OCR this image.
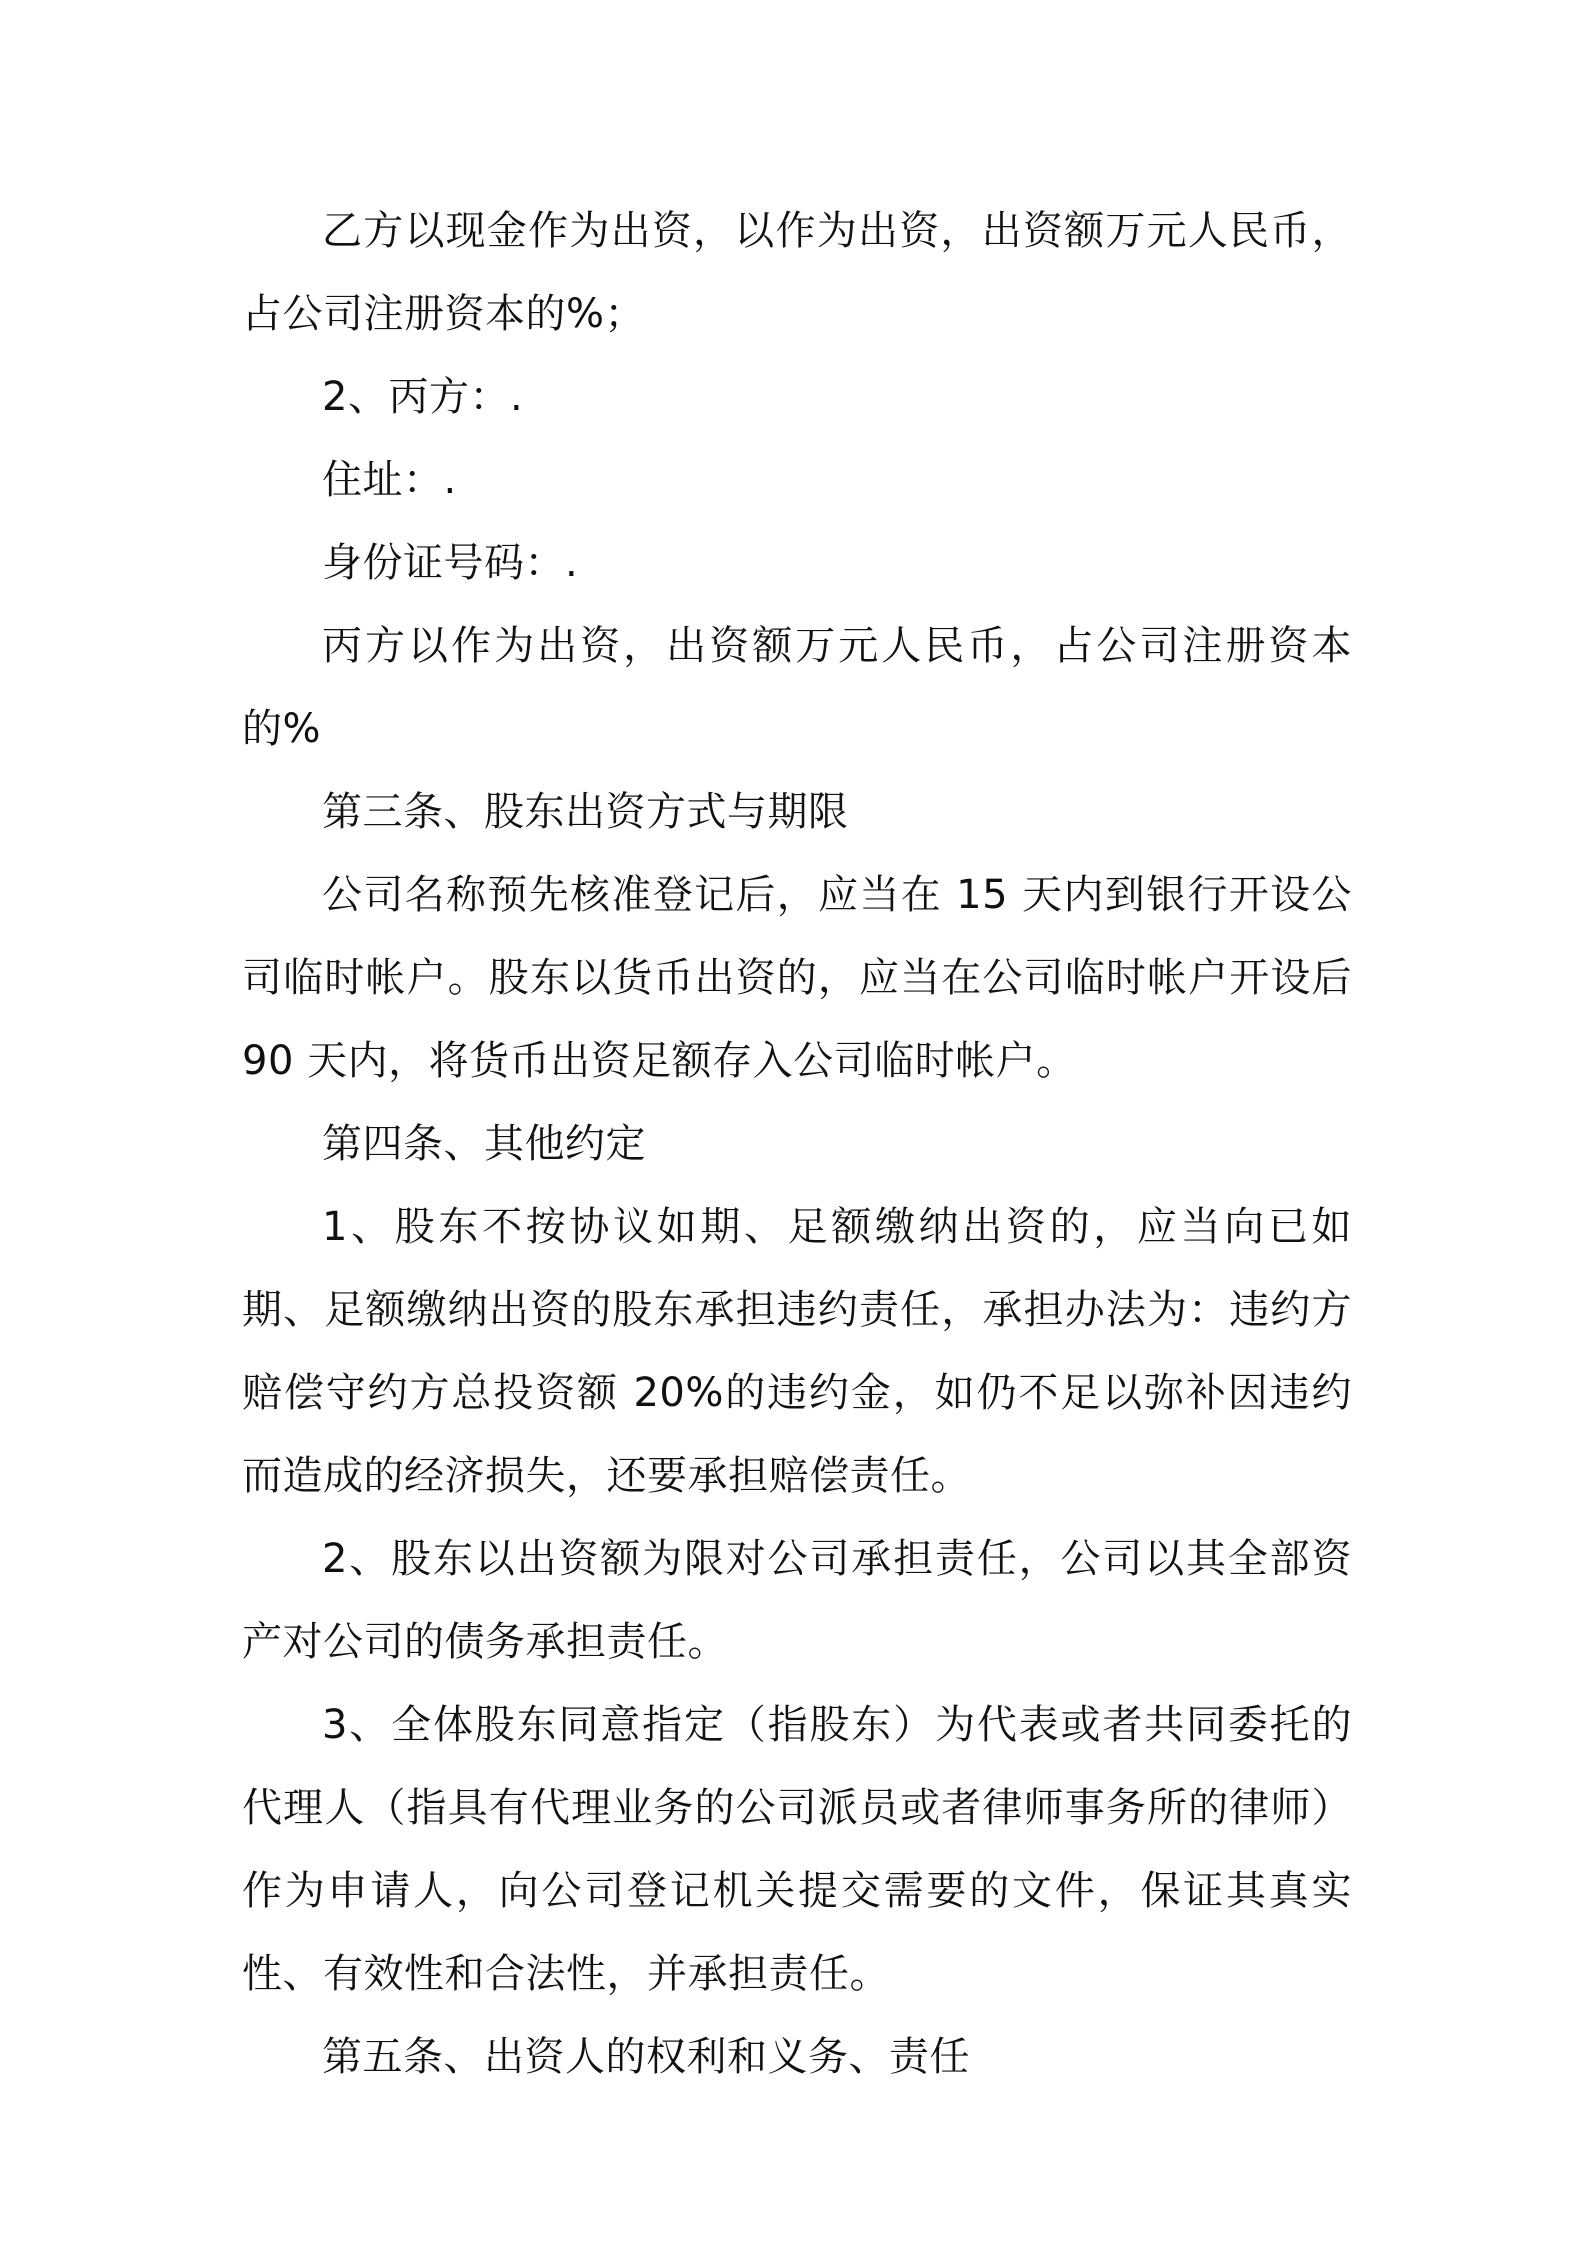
乙方以现金作为出资，以作为出资，出资额万元人民币，占公司注册资本的%；

2、丙方：.

住址：.

身份证号码：.

丙方以作为出资，出资额万元人民币，占公司注册资本的%

第三条、股东出资方式与期限

公司名称预先核准登记后，应当在 15 天内到银行开设公司临时帐户。股东以货币出资的，应当在公司临时帐户开设后 90 天内，将货币出资足额存入公司临时帐户。

第四条、其他约定

1、股东不按协议如期、足额缴纳出资的，应当向已如期、足额缴纳出资的股东承担违约责任，承担办法为：违约方赔偿守约方总投资额 20%的违约金，如仍不足以弥补因违约而造成的经济损失，还要承担赔偿责任。

2、股东以出资额为限对公司承担责任，公司以其全部资产对公司的债务承担责任。

3、全体股东同意指定（指股东）为代表或者共同委托的代理人（指具有代理业务的公司派员或者律师事务所的律师）作为申请人，向公司登记机关提交需要的文件，保证其真实性、有效性和合法性，并承担责任。

第五条、出资人的权利和义务、责任
